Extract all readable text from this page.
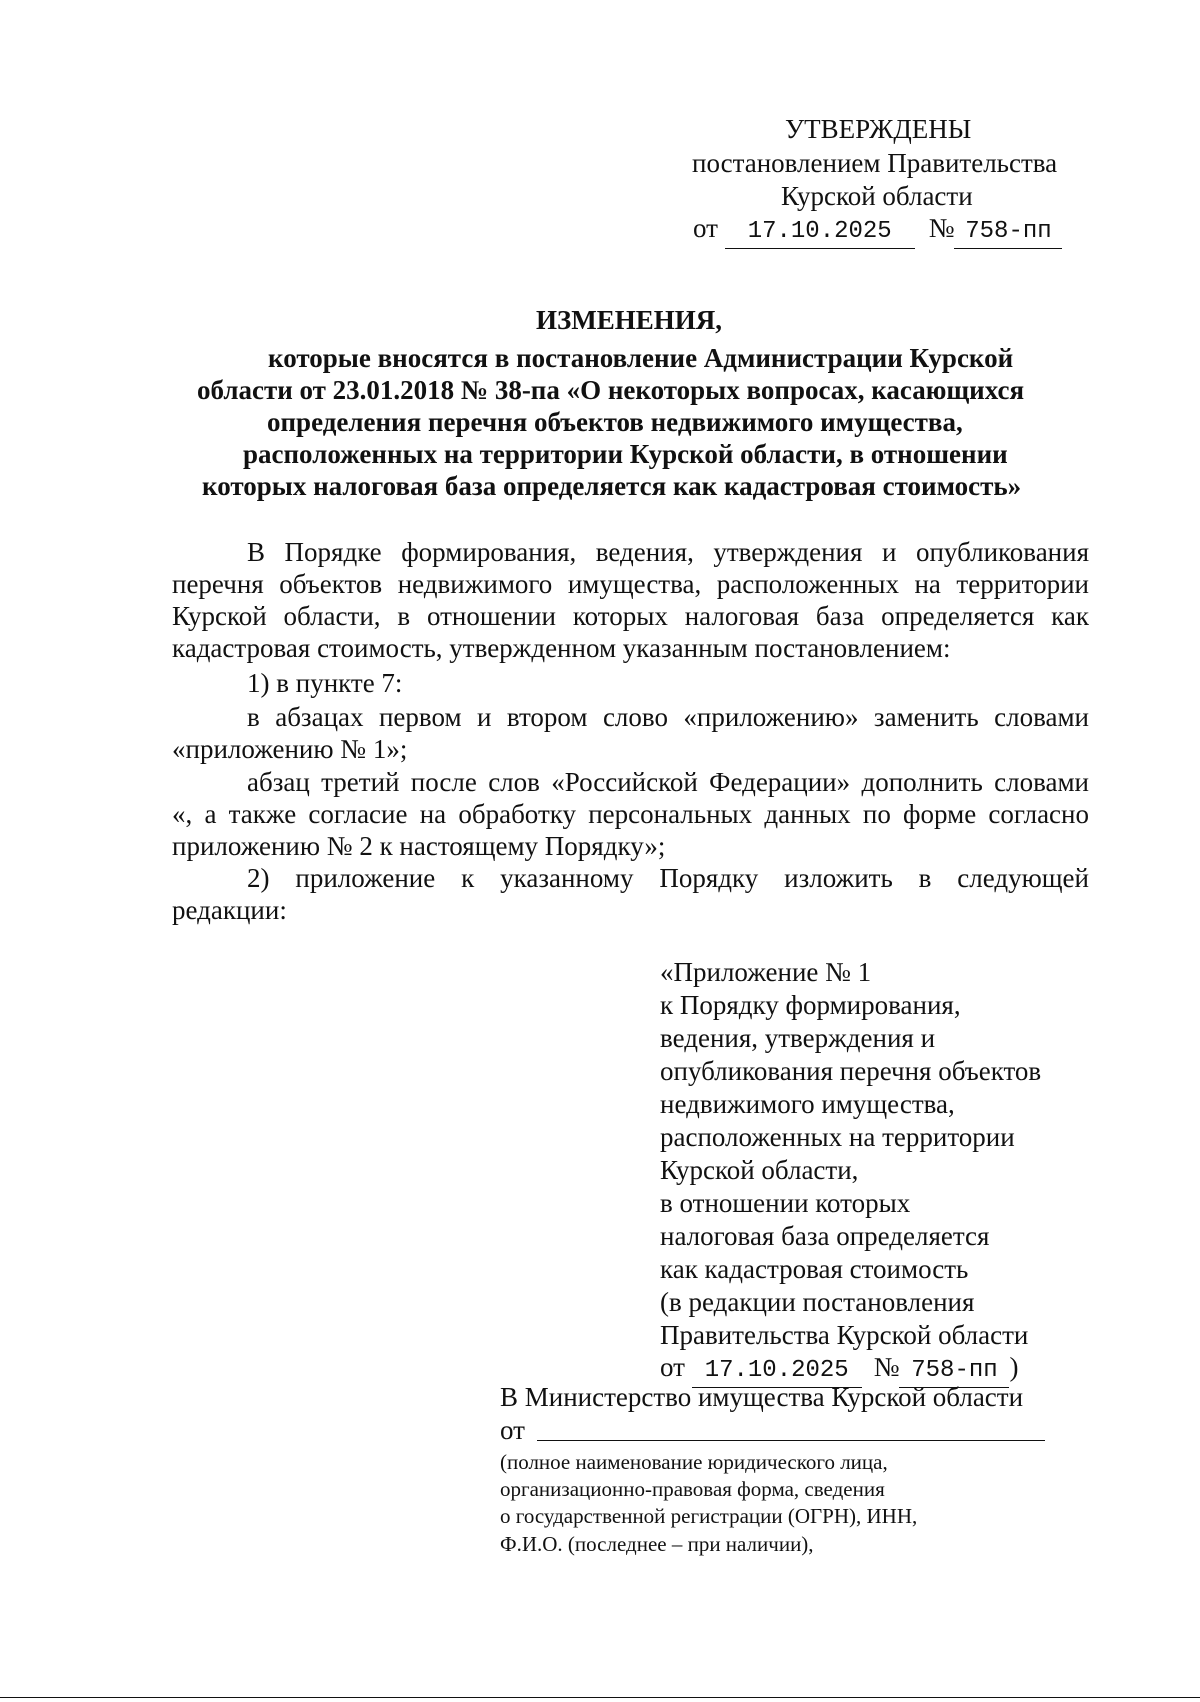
УТВЕРЖДЕНЫ
постановлением Правительства
Курской области
от 17.10.2025 № 758-пп
ИЗМЕНЕНИЯ,
которые вносятся в постановление Администрации Курской
области от 23.01.2018 № 38-па «О некоторых вопросах, касающихся
определения перечня объектов недвижимого имущества,
расположенных на территории Курской области, в отношении
которых налоговая база определяется как кадастровая стоимость»
В Порядке формирования, ведения, утверждения и опубликования
перечня объектов недвижимого имущества, расположенных на территории
Курской области, в отношении которых налоговая база определяется как
кадастровая стоимость, утвержденном указанным постановлением:
1) в пункте 7:
в абзацах первом и втором слово «приложению» заменить словами
«приложению № 1»;
абзац третий после слов «Российской Федерации» дополнить словами
«, а также согласие на обработку персональных данных по форме согласно
приложению № 2 к настоящему Порядку»;
2) приложение к указанному Порядку изложить в следующей
редакции:
«Приложение № 1
к Порядку формирования,
ведения, утверждения и
опубликования перечня объектов
недвижимого имущества,
расположенных на территории
Курской области,
в отношении которых
налоговая база определяется
как кадастровая стоимость
(в редакции постановления
Правительства Курской области
от 17.10.2025 № 758-пп )
В Министерство имущества Курской области
от
(полное наименование юридического лица,
организационно-правовая форма, сведения
о государственной регистрации (ОГРН), ИНН,
Ф.И.О. (последнее – при наличии),
